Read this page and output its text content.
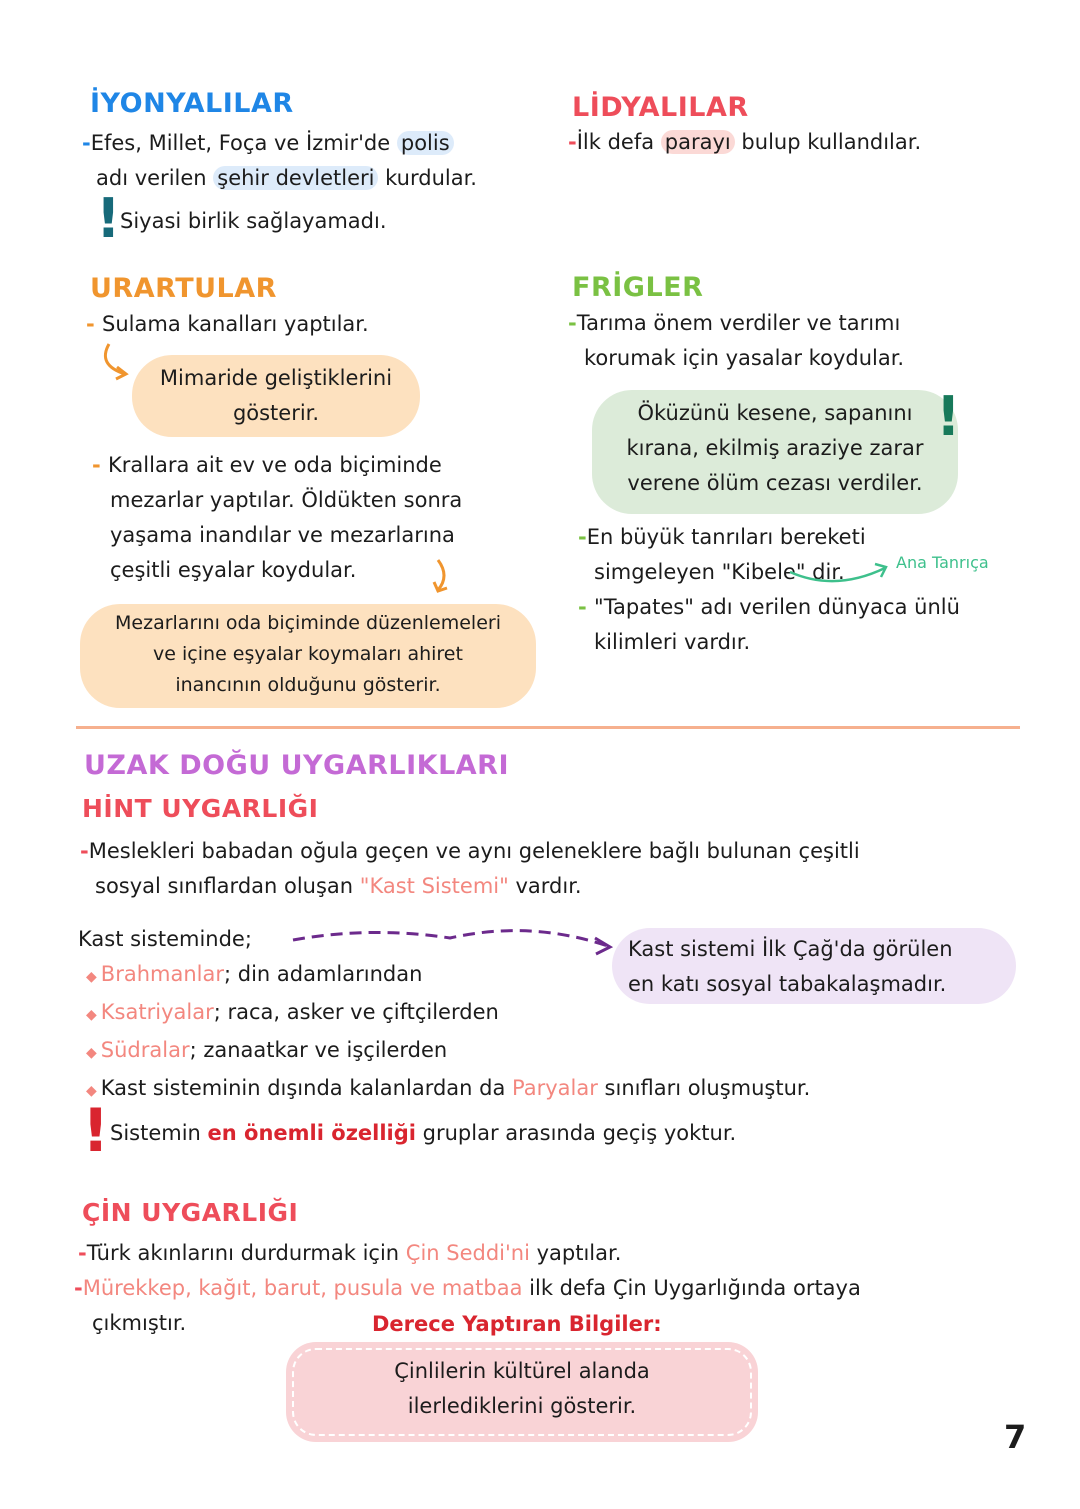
İYONYALILAR
-Efes, Millet, Foça ve İzmir'de polis
adı verilen şehir devletleri kurdular.
! Siyasi birlik sağlayamadı.
LİDYALILAR
-İlk defa parayı bulup kullandılar.
URARTULAR
- Sulama kanalları yaptılar.
Mimaride geliştiklerini
gösterir.
- Krallara ait ev ve oda biçiminde
mezarlar yaptılar. Öldükten sonra
yaşama inandılar ve mezarlarına
çeşitli eşyalar koydular.
Mezarlarını oda biçiminde düzenlemeleri
ve içine eşyalar koymaları ahiret
inancının olduğunu gösterir.
FRİGLER
-Tarıma önem verdiler ve tarımı
korumak için yasalar koydular.
Öküzünü kesene, sapanını
kırana, ekilmiş araziye zarar
verene ölüm cezası verdiler.
!
-En büyük tanrıları bereketi
simgeleyen "Kibele" dir.	Ana Tanrıça
- "Tapates" adı verilen dünyaca ünlü
kilimleri vardır.
UZAK DOĞU UYGARLIKLARI
HİNT UYGARLIĞI
-Meslekleri babadan oğula geçen ve aynı geleneklere bağlı bulunan çeşitli
sosyal sınıflardan oluşan "Kast Sistemi" vardır.
Kast sisteminde;	Kast sistemi İlk Çağ'da görülen
en katı sosyal tabakalaşmadır.
◆ Brahmanlar; din adamlarından
◆ Ksatriyalar; raca, asker ve çiftçilerden
◆ Südralar; zanaatkar ve işçilerden
◆ Kast sisteminin dışında kalanlardan da Paryalar sınıfları oluşmuştur.
! Sistemin en önemli özelliği gruplar arasında geçiş yoktur.
ÇİN UYGARLIĞI
-Türk akınlarını durdurmak için Çin Seddi'ni yaptılar.
-Mürekkep, kağıt, barut, pusula ve matbaa ilk defa Çin Uygarlığında ortaya
çıkmıştır.	Derece Yaptıran Bilgiler:
Çinlilerin kültürel alanda
ilerlediklerini gösterir.
7
